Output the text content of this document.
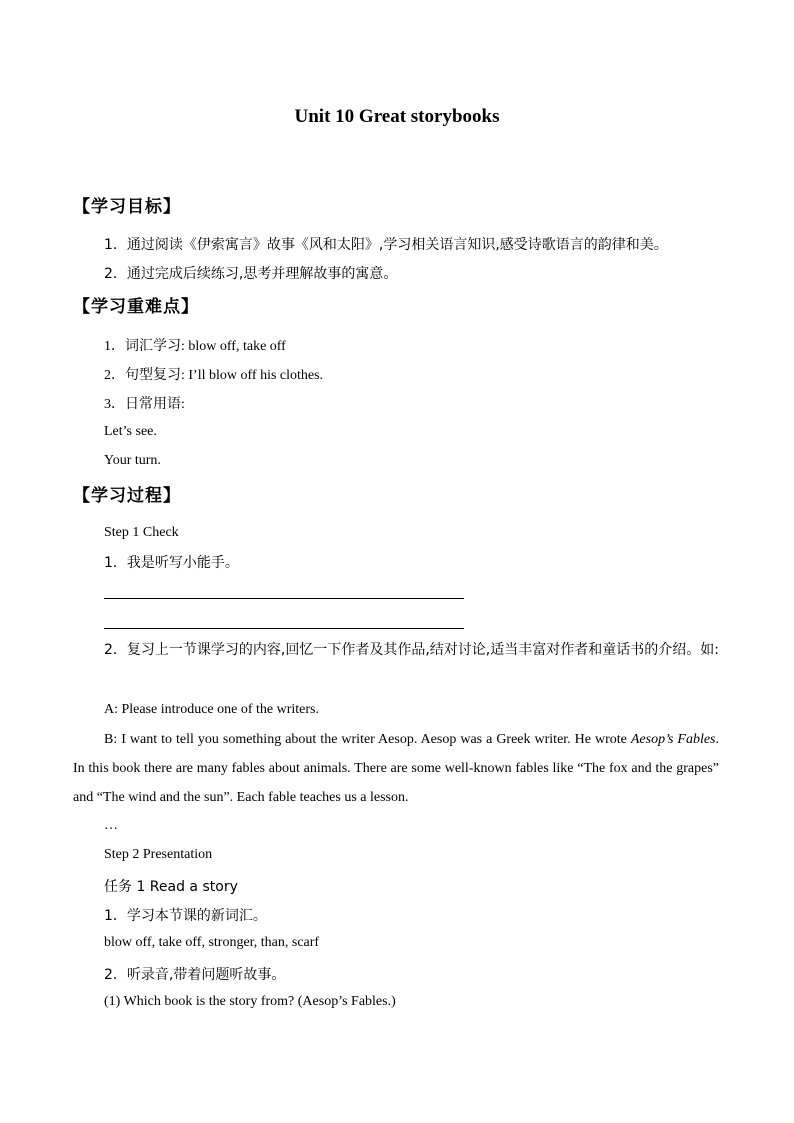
Unit 10 Great storybooks
【学习目标】
1．通过阅读《伊索寓言》故事《风和太阳》,学习相关语言知识,感受诗歌语言的韵律和美。
2．通过完成后续练习,思考并理解故事的寓意。
【学习重难点】
1．词汇学习: blow off, take off
2．句型复习: I’ll blow off his clothes.
3．日常用语:
Let’s see.
Your turn.
【学习过程】
Step 1 Check
1．我是听写小能手。
2．复习上一节课学习的内容,回忆一下作者及其作品,结对讨论,适当丰富对作者和童话书的介绍。如:
A: Please introduce one of the writers.
B: I want to tell you something about the writer Aesop. Aesop was a Greek writer. He wrote Aesop’s Fables. In this book there are many fables about animals. There are some well-known fables like “The fox and the grapes” and “The wind and the sun”. Each fable teaches us a lesson.
…
Step 2 Presentation
任务 1 Read a story
1．学习本节课的新词汇。
blow off, take off, stronger, than, scarf
2．听录音,带着问题听故事。
(1) Which book is the story from? (Aesop’s Fables.)
